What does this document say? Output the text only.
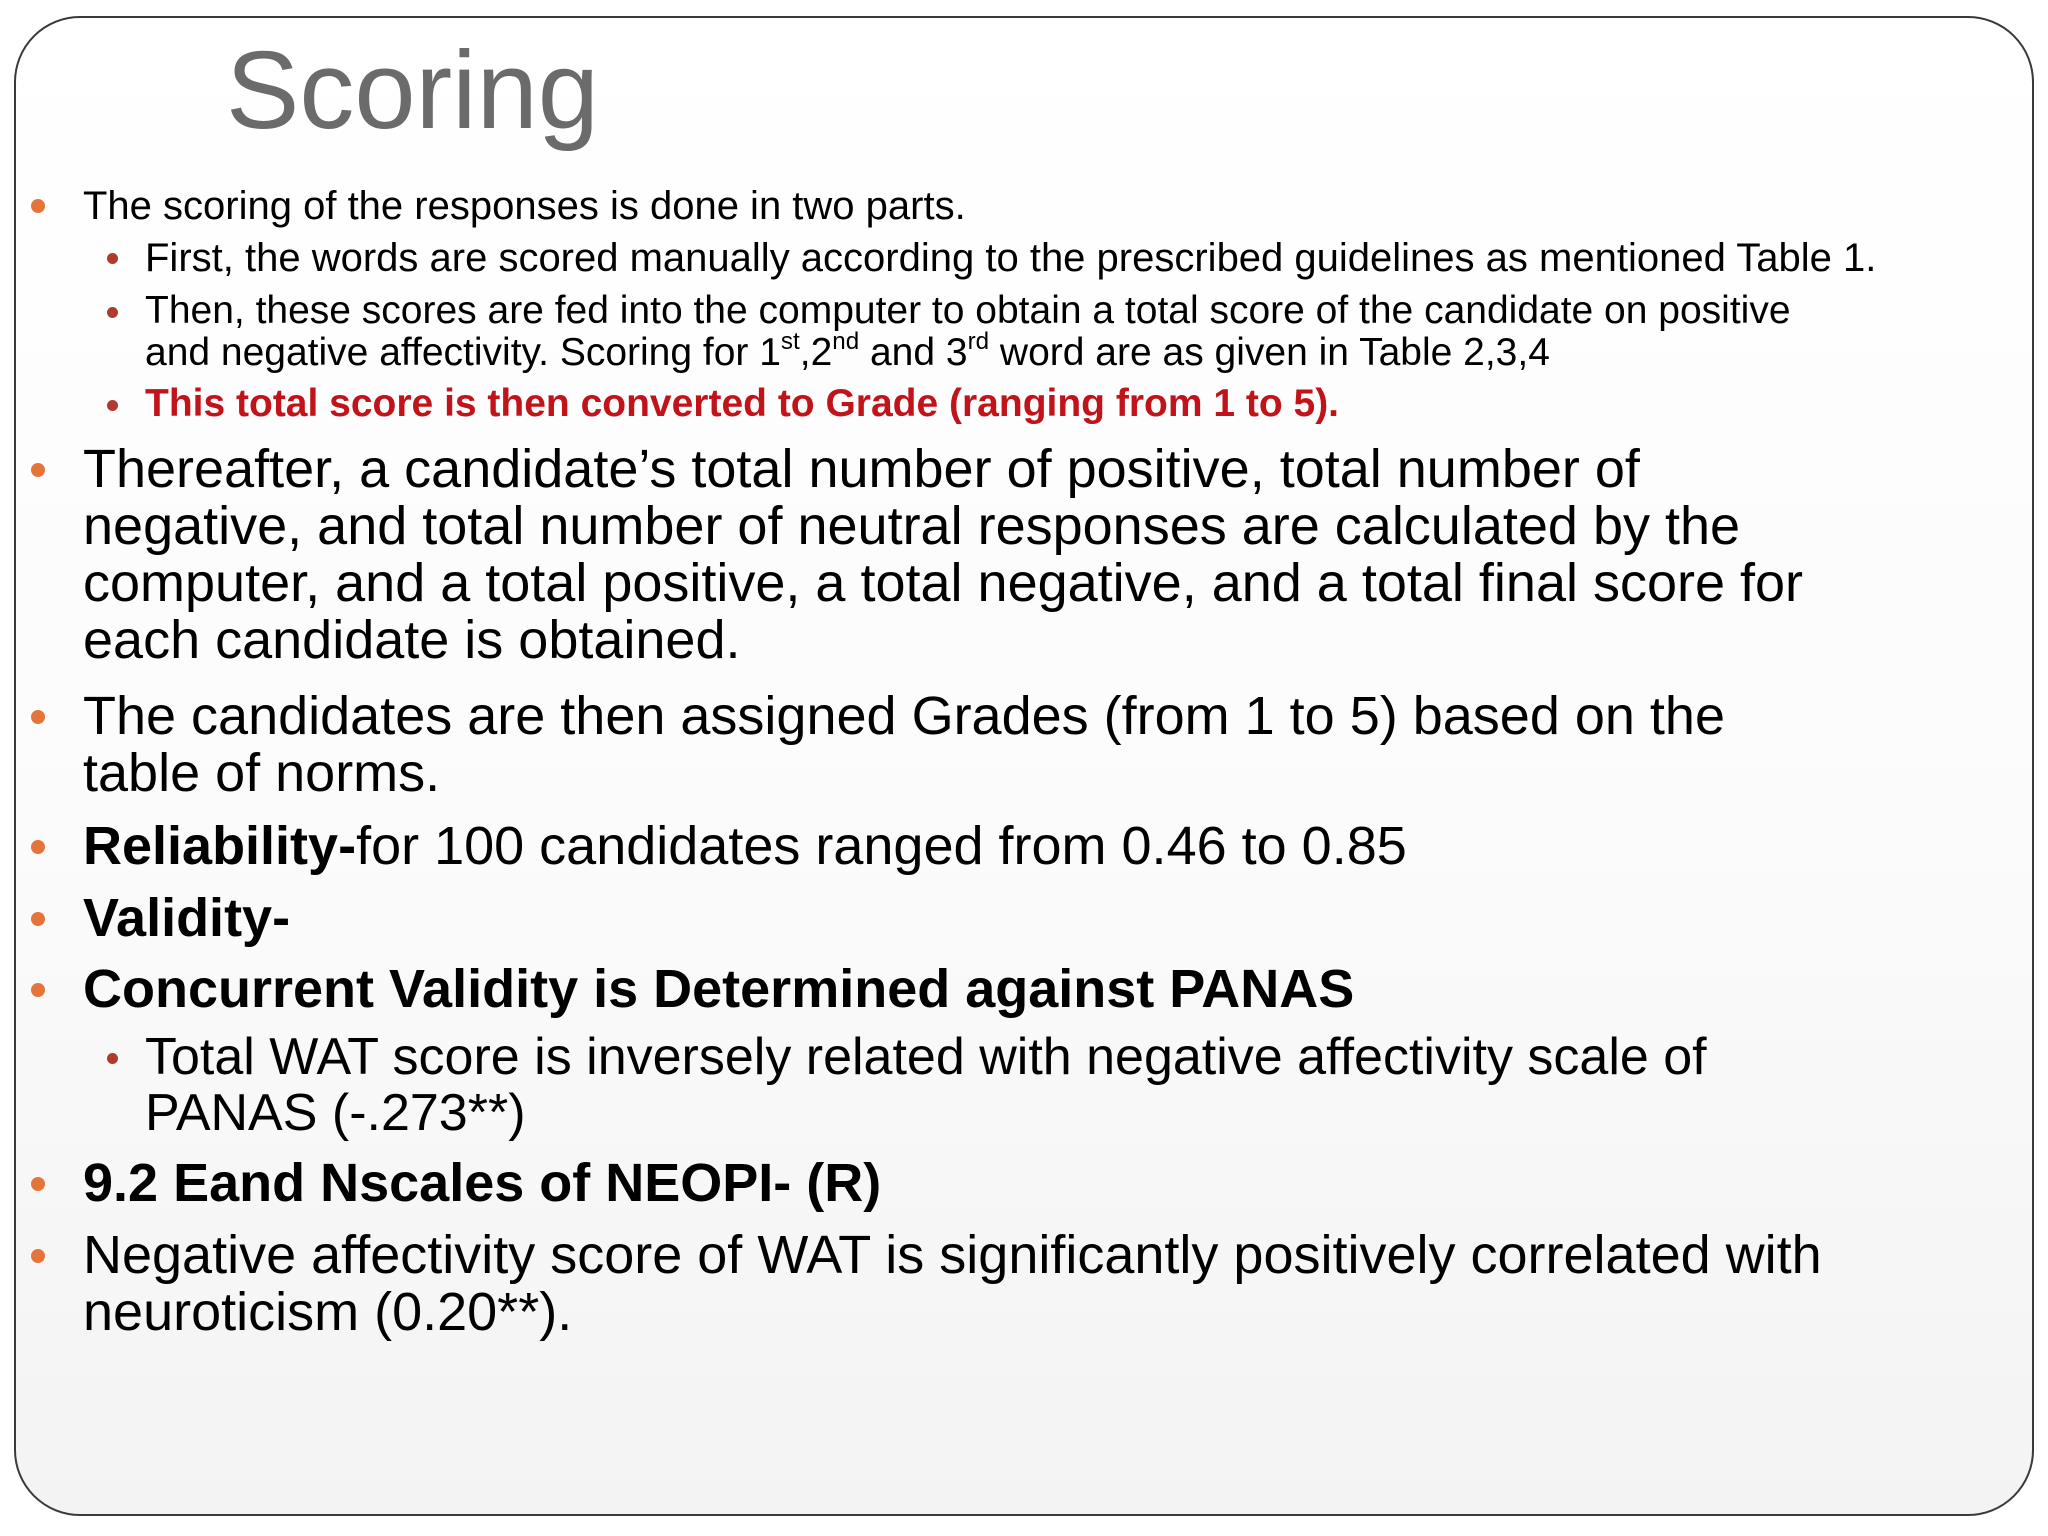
Scoring
The scoring of the responses is done in two parts.
First, the words are scored manually according to the prescribed guidelines as mentioned Table 1.
Then, these scores are fed into the computer to obtain a total score of the candidate on positive
and negative affectivity. Scoring for 1st,2nd and 3rd word are as given in Table 2,3,4
This total score is then converted to Grade (ranging from 1 to 5).
Thereafter, a candidate’s total number of positive, total number of
negative, and total number of neutral responses are calculated by the
computer, and a total positive, a total negative, and a total final score for
each candidate is obtained.
The candidates are then assigned Grades (from 1 to 5) based on the
table of norms.
Reliability-for 100 candidates ranged from 0.46 to 0.85
Validity-
Concurrent Validity is Determined against PANAS
Total WAT score is inversely related with negative affectivity scale of
PANAS (-.273**)
9.2 Eand Nscales of NEOPI- (R)
Negative affectivity score of WAT is significantly positively correlated with
neuroticism (0.20**).
